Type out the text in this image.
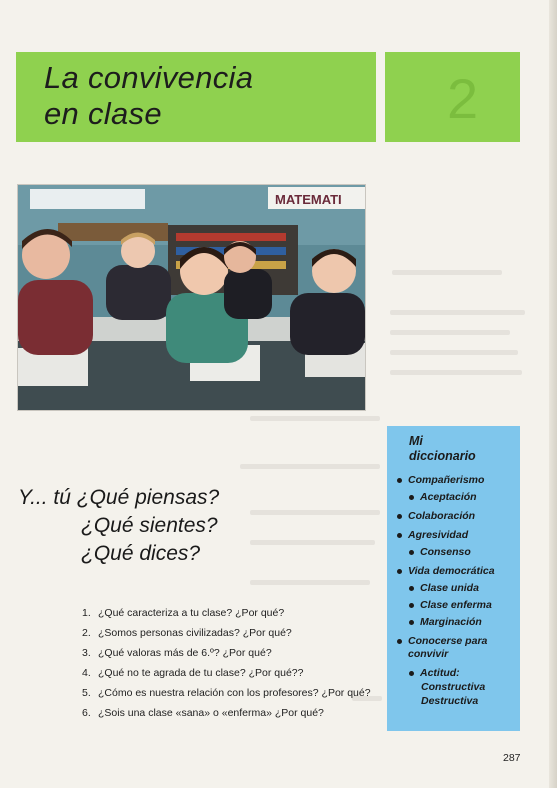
La convivencia
en clase	2
MATEMATI
Y... tú ¿Qué piensas?
¿Qué sientes?
¿Qué dices?
1. ¿Qué caracteriza a tu clase? ¿Por qué?
2. ¿Somos personas civilizadas? ¿Por qué?
3. ¿Qué valoras más de 6.º? ¿Por qué?
4. ¿Qué no te agrada de tu clase? ¿Por qué??
5. ¿Cómo es nuestra relación con los profesores? ¿Por qué?
6. ¿Sois una clase «sana» o «enferma» ¿Por qué?
Mi
diccionario
Compañerismo
Aceptación
Colaboración
Agresividad
Consenso
Vida democrática
Clase unida
Clase enferma
Marginación
Conocerse para convivir
Actitud:
Constructiva
Destructiva
287
